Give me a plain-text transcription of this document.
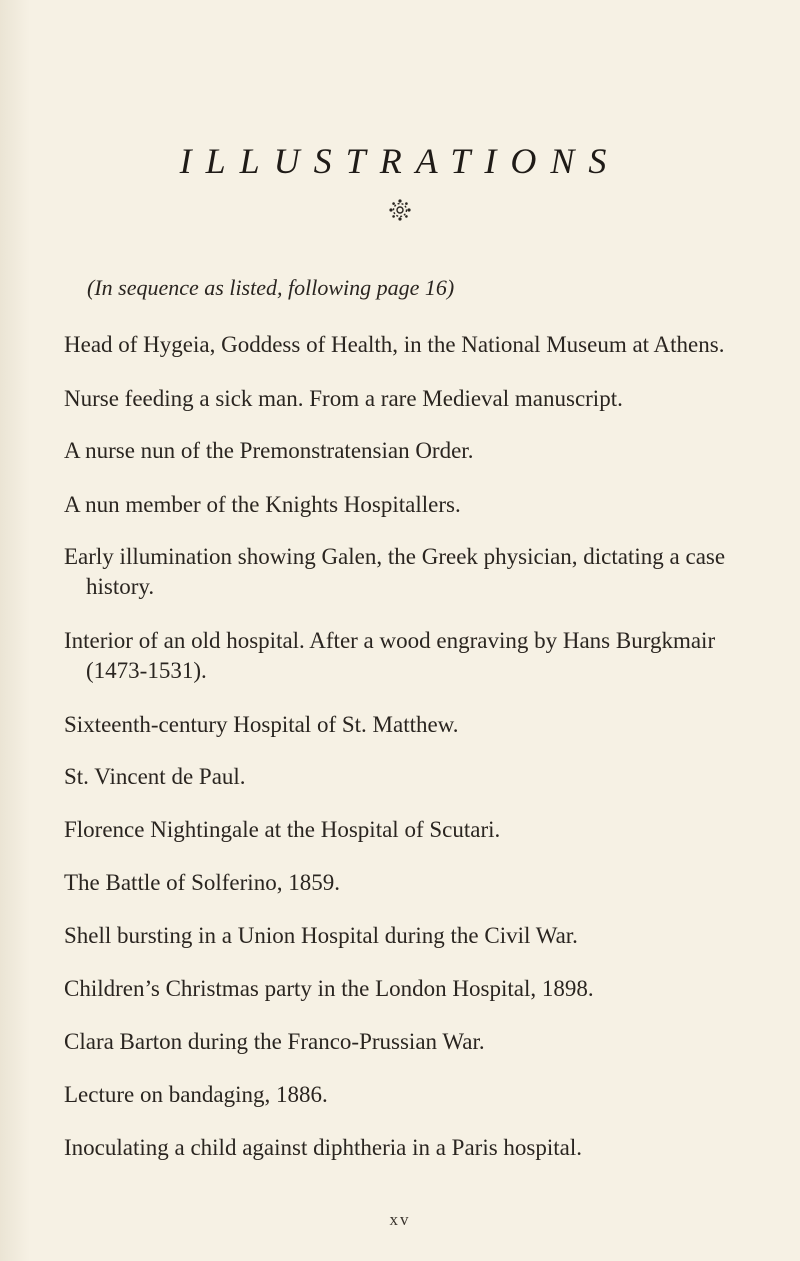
ILLUSTRATIONS
(In sequence as listed, following page 16)
Head of Hygeia, Goddess of Health, in the National Museum at Athens.
Nurse feeding a sick man. From a rare Medieval manuscript.
A nurse nun of the Premonstratensian Order.
A nun member of the Knights Hospitallers.
Early illumination showing Galen, the Greek physician, dictating a case history.
Interior of an old hospital. After a wood engraving by Hans Burgkmair (1473-1531).
Sixteenth-century Hospital of St. Matthew.
St. Vincent de Paul.
Florence Nightingale at the Hospital of Scutari.
The Battle of Solferino, 1859.
Shell bursting in a Union Hospital during the Civil War.
Children’s Christmas party in the London Hospital, 1898.
Clara Barton during the Franco-Prussian War.
Lecture on bandaging, 1886.
Inoculating a child against diphtheria in a Paris hospital.
xv
